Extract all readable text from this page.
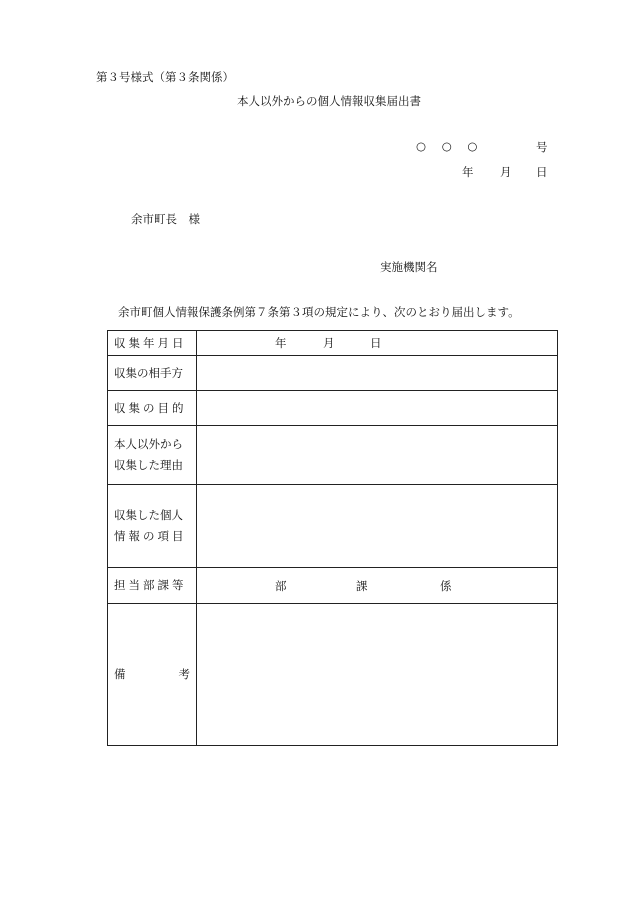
第３号様式（第３条関係）
本人以外からの個人情報収集届出書
○ ○ ○	号
年 月 日
余市町長　様
実施機関名
余市町個人情報保護条例第７条第３項の規定により、次のとおり届出します。
収集年月日	年 月 日

収集の相手方	
収集の目的	

本人以外から
収集した理由	

収集した個人
情報の項目	

担当部課等	部 課 係

備 考	
